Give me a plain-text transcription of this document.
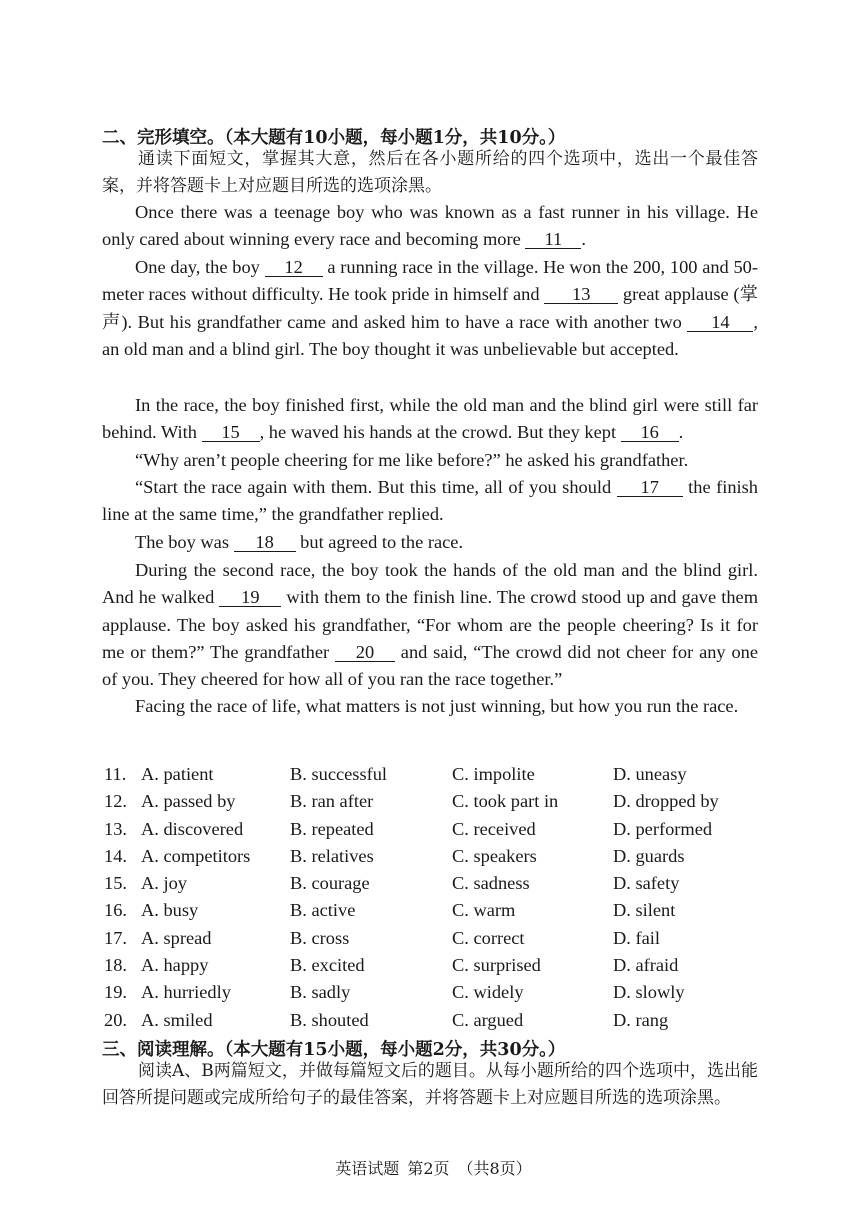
二、完形填空。（本大题有10小题，每小题1分，共10分。）
通读下面短文，掌握其大意，然后在各小题所给的四个选项中，选出一个最佳答案，并将答题卡上对应题目所选的选项涂黑。
Once there was a teenage boy who was known as a fast runner in his village. He only cared about winning every race and becoming more 11 .
One day, the boy 12 a running race in the village. He won the 200, 100 and 50-meter races without difficulty. He took pride in himself and 13 great applause (掌声). But his grandfather came and asked him to have a race with another two 14 , an old man and a blind girl. The boy thought it was unbelievable but accepted.
In the race, the boy finished first, while the old man and the blind girl were still far behind. With 15 , he waved his hands at the crowd. But they kept 16 .
“Why aren’t people cheering for me like before?” he asked his grandfather.
“Start the race again with them. But this time, all of you should 17 the finish line at the same time,” the grandfather replied.
The boy was 18 but agreed to the race.
During the second race, the boy took the hands of the old man and the blind girl. And he walked 19 with them to the finish line. The crowd stood up and gave them applause. The boy asked his grandfather, “For whom are the people cheering? Is it for me or them?” The grandfather 20 and said, “The crowd did not cheer for any one of you. They cheered for how all of you ran the race together.”
Facing the race of life, what matters is not just winning, but how you run the race.
11. A. patient	B. successful	C. impolite	D. uneasy
12. A. passed by	B. ran after	C. took part in	D. dropped by
13. A. discovered	B. repeated	C. received	D. performed
14. A. competitors B. relatives	C. speakers	D. guards
15. A. joy	B. courage	C. sadness	D. safety
16. A. busy	B. active	C. warm	D. silent
17. A. spread	B. cross	C. correct	D. fail
18. A. happy	B. excited	C. surprised	D. afraid
19. A. hurriedly	B. sadly	C. widely	D. slowly
20. A. smiled	B. shouted	C. argued	D. rang
三、阅读理解。（本大题有15小题，每小题2分，共30分。）
阅读A、B两篇短文，并做每篇短文后的题目。从每小题所给的四个选项中，选出能回答所提问题或完成所给句子的最佳答案，并将答题卡上对应题目所选的选项涂黑。
英语试题 第2页 （共8页）
